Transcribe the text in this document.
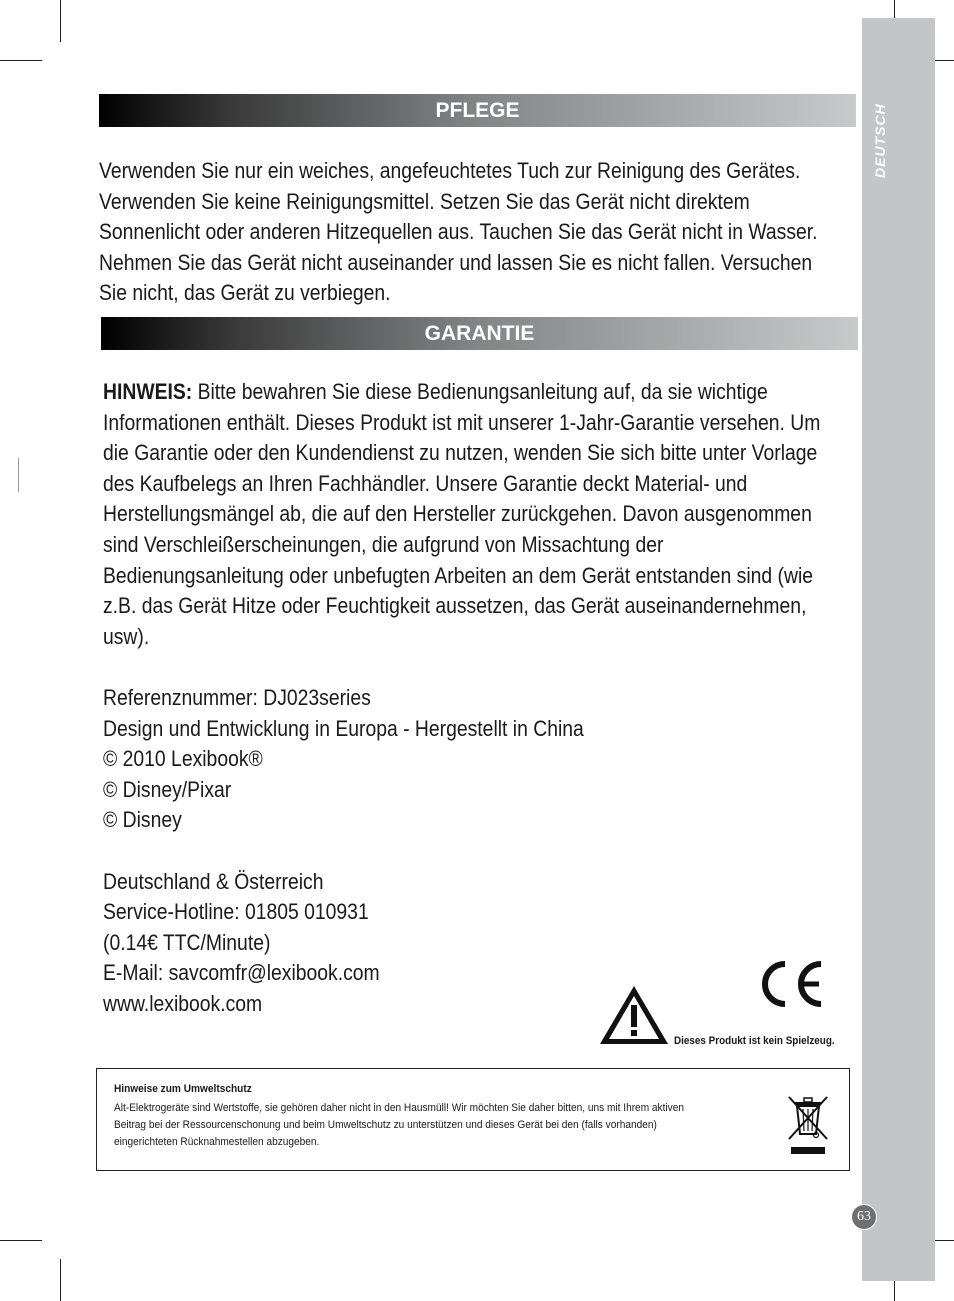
DEUTSCH
63
PFLEGE
Verwenden Sie nur ein weiches, angefeuchtetes Tuch zur Reinigung des Gerätes.
Verwenden Sie keine Reinigungsmittel. Setzen Sie das Gerät nicht direktem
Sonnenlicht oder anderen Hitzequellen aus. Tauchen Sie das Gerät nicht in Wasser.
Nehmen Sie das Gerät nicht auseinander und lassen Sie es nicht fallen. Versuchen
Sie nicht, das Gerät zu verbiegen.
GARANTIE
HINWEIS: Bitte bewahren Sie diese Bedienungsanleitung auf, da sie wichtige
Informationen enthält. Dieses Produkt ist mit unserer 1-Jahr-Garantie versehen. Um
die Garantie oder den Kundendienst zu nutzen, wenden Sie sich bitte unter Vorlage
des Kaufbelegs an Ihren Fachhändler. Unsere Garantie deckt Material- und
Herstellungsmängel ab, die auf den Hersteller zurückgehen. Davon ausgenommen
sind Verschleißerscheinungen, die aufgrund von Missachtung der
Bedienungsanleitung oder unbefugten Arbeiten an dem Gerät entstanden sind (wie
z.B. das Gerät Hitze oder Feuchtigkeit aussetzen, das Gerät auseinandernehmen,
usw).
Referenznummer: DJ023series
Design und Entwicklung in Europa - Hergestellt in China
© 2010 Lexibook®
© Disney/Pixar
© Disney
Deutschland & Österreich
Service-Hotline: 01805 010931
(0.14€ TTC/Minute)
E-Mail: savcomfr@lexibook.com
www.lexibook.com
Dieses Produkt ist kein Spielzeug.
Hinweise zum Umweltschutz
Alt-Elektrogeräte sind Wertstoffe, sie gehören daher nicht in den Hausmüll! Wir möchten Sie daher bitten, uns mit Ihrem aktiven
Beitrag bei der Ressourcenschonung und beim Umweltschutz zu unterstützen und dieses Gerät bei den (falls vorhanden)
eingerichteten Rücknahmestellen abzugeben.
